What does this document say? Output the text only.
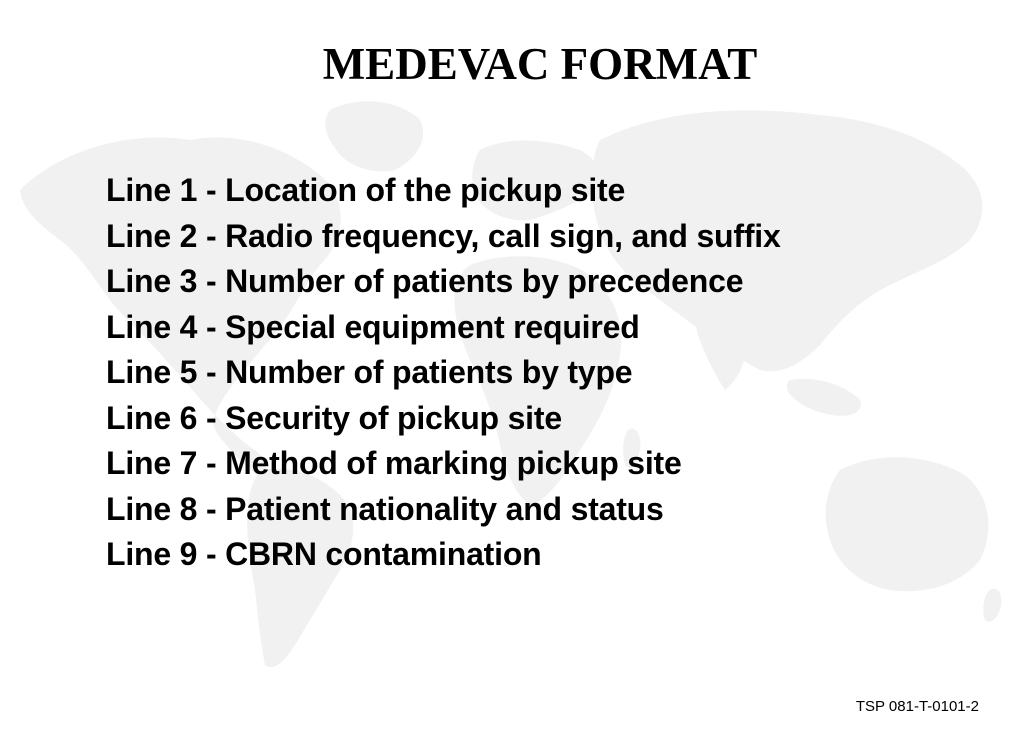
MEDEVAC FORMAT
Line 1 - Location of the pickup site
Line 2 - Radio frequency, call sign, and suffix
Line 3 - Number of patients by precedence
Line 4 - Special equipment required
Line 5 - Number of patients by type
Line 6 - Security of pickup site
Line 7 - Method of marking pickup site
Line 8 - Patient nationality and status
Line 9 - CBRN contamination
TSP 081-T-0101-2
